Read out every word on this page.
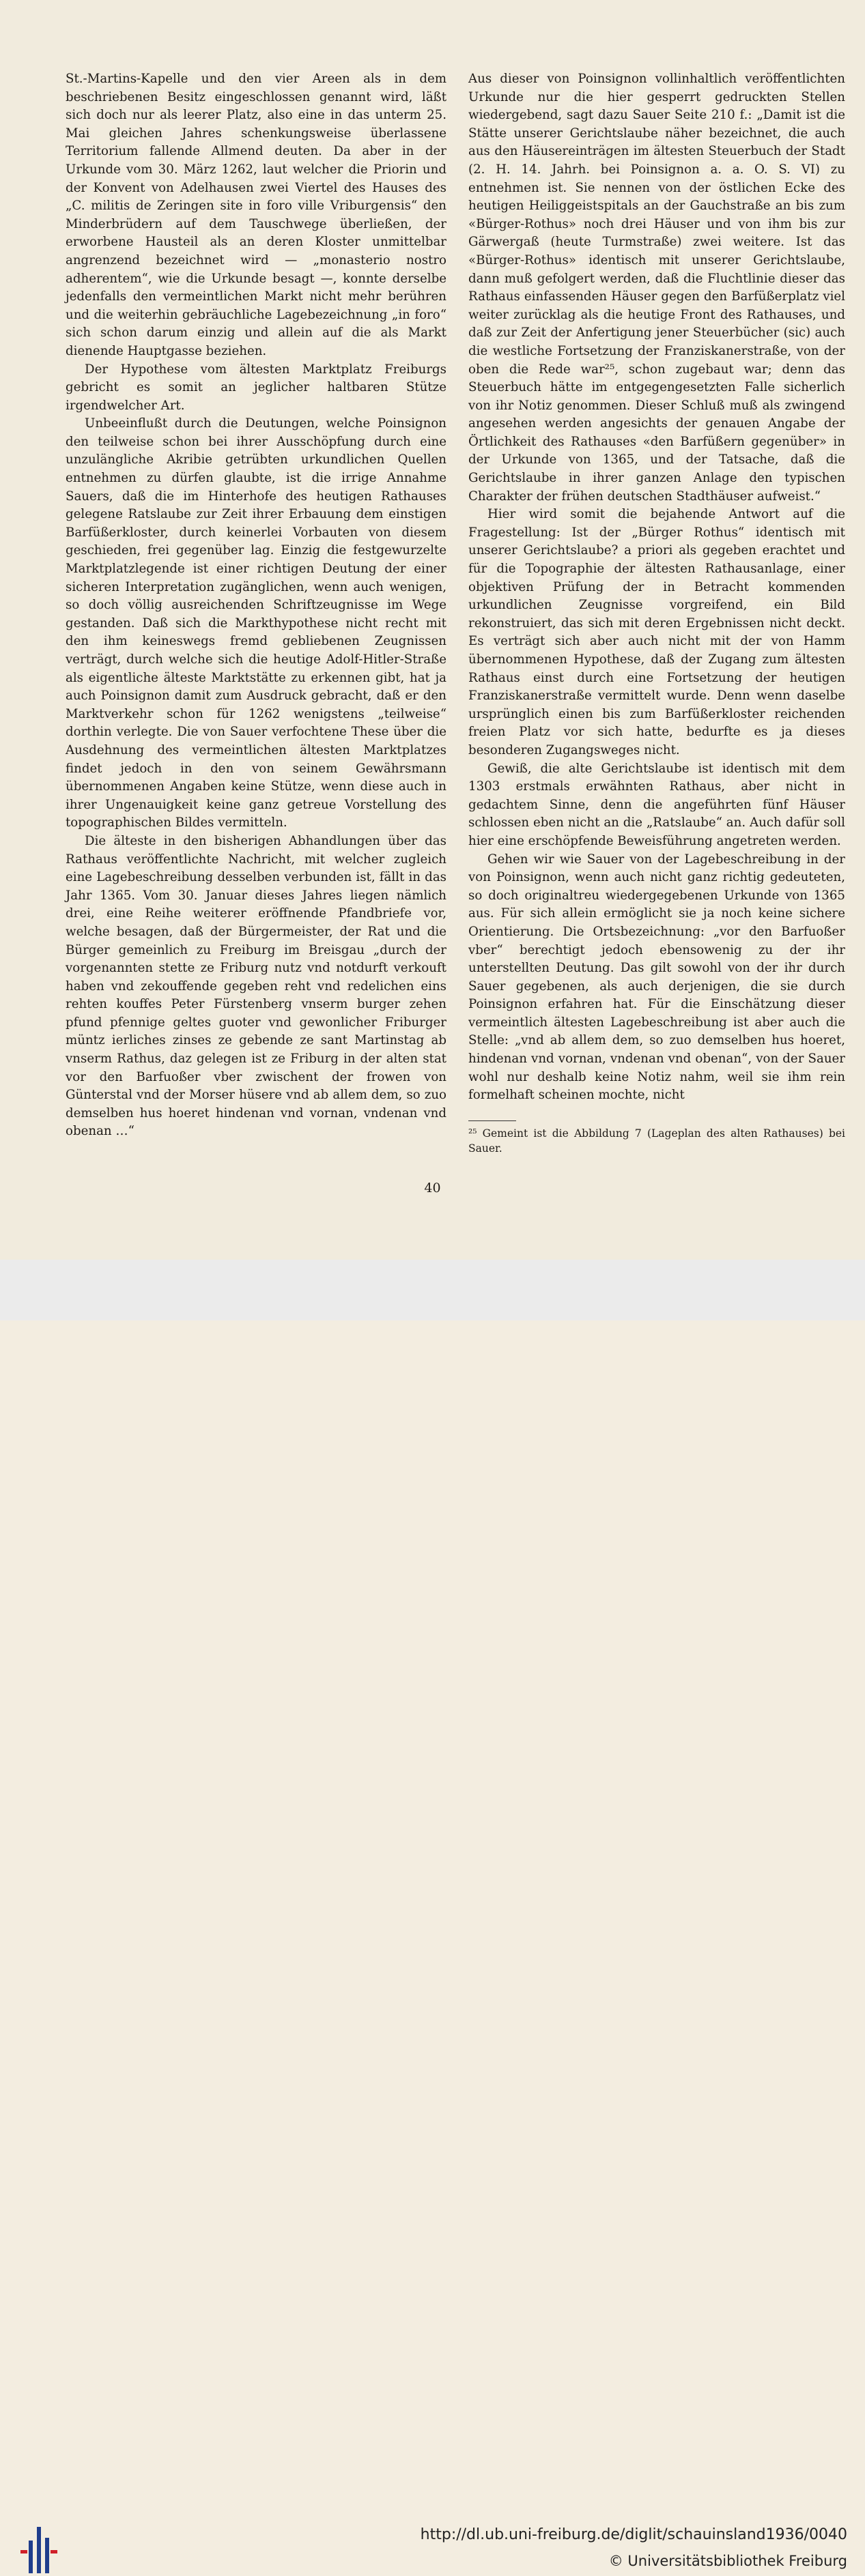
St.-Martins-Kapelle und den vier Areen als in dem beschriebenen Besitz eingeschlossen genannt wird, läßt sich doch nur als leerer Platz, also eine in das unterm 25. Mai gleichen Jahres schenkungsweise überlassene Territorium fallende Allmend deuten. Da aber in der Urkunde vom 30. März 1262, laut welcher die Priorin und der Konvent von Adelhausen zwei Viertel des Hauses des „C. militis de Zeringen site in foro ville Vriburgensis“ den Minderbrüdern auf dem Tauschwege überließen, der erworbene Hausteil als an deren Kloster unmittelbar angrenzend bezeichnet wird — „monasterio nostro adherentem“, wie die Urkunde besagt —, konnte derselbe jedenfalls den vermeintlichen Markt nicht mehr berühren und die weiterhin gebräuchliche Lagebezeichnung „in foro“ sich schon darum einzig und allein auf die als Markt dienende Hauptgasse beziehen.

Der Hypothese vom ältesten Marktplatz Freiburgs gebricht es somit an jeglicher haltbaren Stütze irgendwelcher Art.

Unbeeinflußt durch die Deutungen, welche Poinsignon den teilweise schon bei ihrer Ausschöpfung durch eine unzulängliche Akribie getrübten urkundlichen Quellen entnehmen zu dürfen glaubte, ist die irrige Annahme Sauers, daß die im Hinterhofe des heutigen Rathauses gelegene Ratslaube zur Zeit ihrer Erbauung dem einstigen Barfüßerkloster, durch keinerlei Vorbauten von diesem geschieden, frei gegenüber lag. Einzig die festgewurzelte Marktplatzlegende ist einer richtigen Deutung der einer sicheren Interpretation zugänglichen, wenn auch wenigen, so doch völlig ausreichenden Schriftzeugnisse im Wege gestanden. Daß sich die Markthypothese nicht recht mit den ihm keineswegs fremd gebliebenen Zeugnissen verträgt, durch welche sich die heutige Adolf-Hitler-Straße als eigentliche älteste Marktstätte zu erkennen gibt, hat ja auch Poinsignon damit zum Ausdruck gebracht, daß er den Marktverkehr schon für 1262 wenigstens „teilweise“ dorthin verlegte. Die von Sauer verfochtene These über die Ausdehnung des vermeintlichen ältesten Marktplatzes findet jedoch in den von seinem Gewährsmann übernommenen Angaben keine Stütze, wenn diese auch in ihrer Ungenauigkeit keine ganz getreue Vorstellung des topographischen Bildes vermitteln.

Die älteste in den bisherigen Abhandlungen über das Rathaus veröffentlichte Nachricht, mit welcher zugleich eine Lagebeschreibung desselben verbunden ist, fällt in das Jahr 1365. Vom 30. Januar dieses Jahres liegen nämlich drei, eine Reihe weiterer eröffnende Pfandbriefe vor, welche besagen, daß der Bürgermeister, der Rat und die Bürger gemeinlich zu Freiburg im Breisgau „durch der vorgenannten stette ze Friburg nutz vnd notdurft verkouft haben vnd zekouffende gegeben reht vnd redelichen eins rehten kouffes Peter Fürstenberg vnserm burger zehen pfund pfennige geltes guoter vnd gewonlicher Friburger müntz ierliches zinses ze gebende ze sant Martinstag ab vnserm Rathus, daz gelegen ist ze Friburg in der alten stat vor den Barfuoßer vber zwischent der frowen von Günterstal vnd der Morser hüsere vnd ab allem dem, so zuo demselben hus hoeret hindenan vnd vornan, vndenan vnd obenan …“

Aus dieser von Poinsignon vollinhaltlich veröffentlichten Urkunde nur die hier gesperrt gedruckten Stellen wiedergebend, sagt dazu Sauer Seite 210 f.: „Damit ist die Stätte unserer Gerichtslaube näher bezeichnet, die auch aus den Häusereinträgen im ältesten Steuerbuch der Stadt (2. H. 14. Jahrh. bei Poinsignon a. a. O. S. VI) zu entnehmen ist. Sie nennen von der östlichen Ecke des heutigen Heiliggeistspitals an der Gauchstraße an bis zum «Bürger-Rothus» noch drei Häuser und von ihm bis zur Gärwergaß (heute Turmstraße) zwei weitere. Ist das «Bürger-Rothus» identisch mit unserer Gerichtslaube, dann muß gefolgert werden, daß die Fluchtlinie dieser das Rathaus einfassenden Häuser gegen den Barfüßerplatz viel weiter zurücklag als die heutige Front des Rathauses, und daß zur Zeit der Anfertigung jener Steuerbücher (sic) auch die westliche Fortsetzung der Franziskanerstraße, von der oben die Rede war²⁵, schon zugebaut war; denn das Steuerbuch hätte im entgegengesetzten Falle sicherlich von ihr Notiz genommen. Dieser Schluß muß als zwingend angesehen werden angesichts der genauen Angabe der Örtlichkeit des Rathauses «den Barfüßern gegenüber» in der Urkunde von 1365, und der Tatsache, daß die Gerichtslaube in ihrer ganzen Anlage den typischen Charakter der frühen deutschen Stadthäuser aufweist.“

Hier wird somit die bejahende Antwort auf die Fragestellung: Ist der „Bürger Rothus“ identisch mit unserer Gerichtslaube? a priori als gegeben erachtet und für die Topographie der ältesten Rathausanlage, einer objektiven Prüfung der in Betracht kommenden urkundlichen Zeugnisse vorgreifend, ein Bild rekonstruiert, das sich mit deren Ergebnissen nicht deckt. Es verträgt sich aber auch nicht mit der von Hamm übernommenen Hypothese, daß der Zugang zum ältesten Rathaus einst durch eine Fortsetzung der heutigen Franziskanerstraße vermittelt wurde. Denn wenn daselbe ursprünglich einen bis zum Barfüßerkloster reichenden freien Platz vor sich hatte, bedurfte es ja dieses besonderen Zugangsweges nicht.

Gewiß, die alte Gerichtslaube ist identisch mit dem 1303 erstmals erwähnten Rathaus, aber nicht in gedachtem Sinne, denn die angeführten fünf Häuser schlossen eben nicht an die „Ratslaube“ an. Auch dafür soll hier eine erschöpfende Beweisführung angetreten werden.

Gehen wir wie Sauer von der Lagebeschreibung in der von Poinsignon, wenn auch nicht ganz richtig gedeuteten, so doch originaltreu wiedergegebenen Urkunde von 1365 aus. Für sich allein ermöglicht sie ja noch keine sichere Orientierung. Die Ortsbezeichnung: „vor den Barfuoßer vber“ berechtigt jedoch ebensowenig zu der ihr unterstellten Deutung. Das gilt sowohl von der ihr durch Sauer gegebenen, als auch derjenigen, die sie durch Poinsignon erfahren hat. Für die Einschätzung dieser vermeintlich ältesten Lagebeschreibung ist aber auch die Stelle: „vnd ab allem dem, so zuo demselben hus hoeret, hindenan vnd vornan, vndenan vnd obenan“, von der Sauer wohl nur deshalb keine Notiz nahm, weil sie ihm rein formelhaft scheinen mochte, nicht

²⁵ Gemeint ist die Abbildung 7 (Lageplan des alten Rathauses) bei Sauer.
40
http://dl.ub.uni-freiburg.de/diglit/schauinsland1936/0040
© Universitätsbibliothek Freiburg
